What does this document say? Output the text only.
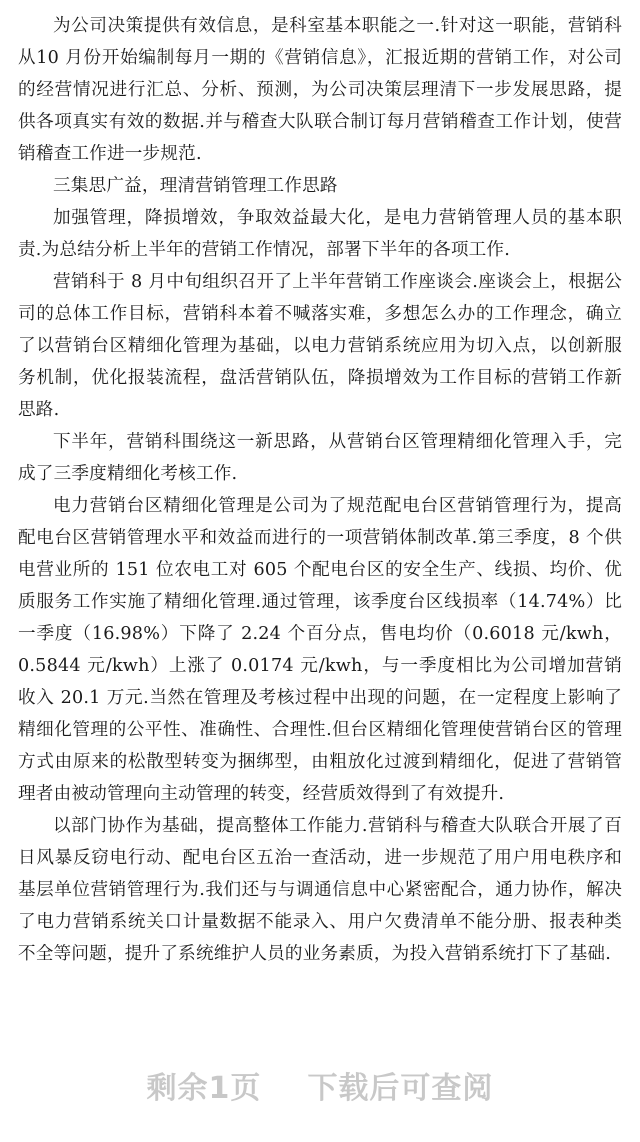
为公司决策提供有效信息，是科室基本职能之一.针对这一职能，营销科从10 月份开始编制每月一期的《营销信息》，汇报近期的营销工作，对公司的经营情况进行汇总、分析、预测，为公司决策层理清下一步发展思路，提供各项真实有效的数据.并与稽查大队联合制订每月营销稽查工作计划，使营销稽查工作进一步规范.

三集思广益，理清营销管理工作思路

加强管理，降损增效，争取效益最大化，是电力营销管理人员的基本职责.为总结分析上半年的营销工作情况，部署下半年的各项工作.

营销科于 8 月中旬组织召开了上半年营销工作座谈会.座谈会上，根据公司的总体工作目标，营销科本着不喊落实难，多想怎么办的工作理念，确立了以营销台区精细化管理为基础，以电力营销系统应用为切入点，以创新服务机制，优化报装流程，盘活营销队伍，降损增效为工作目标的营销工作新思路.

下半年，营销科围绕这一新思路，从营销台区管理精细化管理入手，完成了三季度精细化考核工作.

电力营销台区精细化管理是公司为了规范配电台区营销管理行为，提高配电台区营销管理水平和效益而进行的一项营销体制改革.第三季度，8 个供电营业所的 151 位农电工对 605 个配电台区的安全生产、线损、均价、优质服务工作实施了精细化管理.通过管理，该季度台区线损率（14.74%）比一季度（16.98%）下降了 2.24 个百分点，售电均价（0.6018 元/kwh，0.5844 元/kwh）上涨了 0.0174 元/kwh，与一季度相比为公司增加营销收入 20.1 万元.当然在管理及考核过程中出现的问题，在一定程度上影响了精细化管理的公平性、准确性、合理性.但台区精细化管理使营销台区的管理方式由原来的松散型转变为捆绑型，由粗放化过渡到精细化，促进了营销管理者由被动管理向主动管理的转变，经营质效得到了有效提升.

以部门协作为基础，提高整体工作能力.营销科与稽查大队联合开展了百日风暴反窃电行动、配电台区五治一查活动，进一步规范了用户用电秩序和基层单位营销管理行为.我们还与与调通信息中心紧密配合，通力协作，解决了电力营销系统关口计量数据不能录入、用户欠费清单不能分册、报表种类不全等问题，提升了系统维护人员的业务素质，为投入营销系统打下了基础.

剩余1页 下载后可查阅
